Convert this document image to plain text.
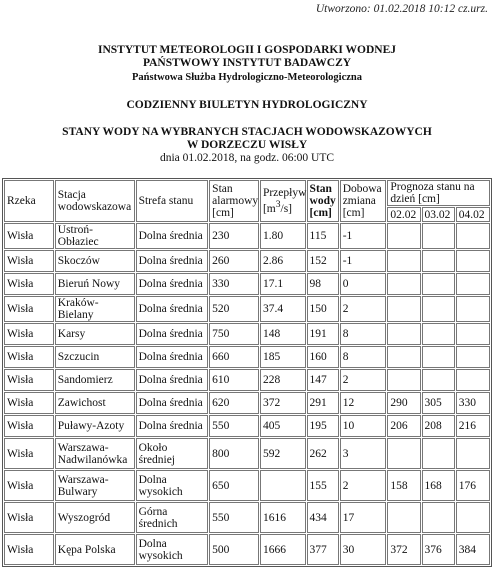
Utworzono: 01.02.2018 10:12 cz.urz.
INSTYTUT METEOROLOGII I GOSPODARKI WODNEJ
PAŃSTWOWY INSTYTUT BADAWCZY
Państwowa Służba Hydrologiczno-Meteorologiczna
CODZIENNY BIULETYN HYDROLOGICZNY
STANY WODY NA WYBRANYCH STACJACH WODOWSKAZOWYCH
W DORZECZU WISŁY
dnia 01.02.2018, na godz. 06:00 UTC
Rzeka	Stacja wodowskazowa	Strefa stanu	Stan alarmowy [cm]	Przepływ
$[m^3/s]$	Stan wody [cm]	Dobowa zmiana [cm]	Prognoza stanu na dzień [cm]		
							02.02	03.02	04.02
Wisła	Ustroń-Obłaziec	Dolna średnia	230	1.80	115	-1			
Wisła	Skoczów	Dolna średnia	260	2.86	152	-1			
Wisła	Bieruń Nowy	Dolna średnia	330	17.1	98	0			
Wisła	Kraków-Bielany	Dolna średnia	520	37.4	150	2			
Wisła	Karsy	Dolna średnia	750	148	191	8			
Wisła	Szczucin	Dolna średnia	660	185	160	8			
Wisła	Sandomierz	Dolna średnia	610	228	147	2			
Wisła	Zawichost	Dolna średnia	620	372	291	12	290	305	330
Wisła	Puławy-Azoty	Dolna średnia	550	405	195	10	206	208	216
Wisła	Warszawa-Nadwilanówka	Około średniej	800	592	262	3			
Wisła	Warszawa-Bulwary	Dolna wysokich	650		155	2	158	168	176
Wisła	Wyszogród	Górna średnich	550	1616	434	17			
Wisła	Kępa Polska	Dolna wysokich	500	1666	377	30	372	376	384
